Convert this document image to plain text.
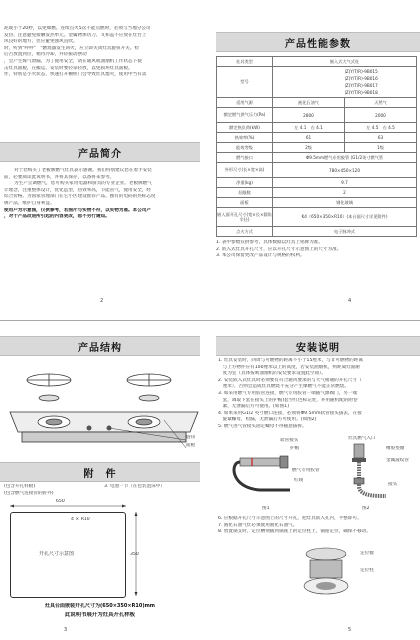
泥或小于20秒，以免爆燃。连续点火5次不能点燃时，必须与当地分公司
发热。注意避免接触发热单元。金属物体切刀、叉和盖不应放在灶台上
风良好的地方，但应避免强风直吹。
时，听到"呼呼"　"燃烧器发生回火，应立即关闭灶具旋钮开关。检
后否放置到位，稍待冷却，并轻振动摆动
，会产生煤气泄漏，为了使用安全，请在通风或油烟机工作状态下使
击灶具面板，在搬运、安装时要轻拿轻放，以免损坏灶具面板。
作，特别是小火状态，快速打开橱柜门会导致灶具熄火，使用中当有需
产品简介
对于您购买了老板牌燃气灶具表示感谢。我们特别建议您在着手安装
前，必要阅读此说明书，并将其保存，以备将来参考。
为生产烹调燃气，您可购买家用电器和厨具的专业企业。老板牌燃气
计理念，注重整体设计，优化造型，热效率高，节能省气，使用安全，经
综合价格。为国家管理部门在它小区建设推荐产品。独有的电码的热标志度
牌产品，维护自身利益。
使用户为示意图，仅供参考，若图片与实物不符，以实物为准。本公司产
，对于产品改进所引起的内容更改，恕不另行通知。
2
产品性能参数
灶具类型	嵌入式大气式灶	
型号		JZ(Y/T/R)-9B015
JZ(Y/T/R)-9B016
JZ(Y/T/R)-9B017
JZ(Y/T/R)-9B018

适用气源	液化石油气	天然气
额定燃气供气压力(Pa)	2800	2000
额定热负荷(kW)	左 4.1　右 4.1	左 4.5　右 4.5
热效率(%)	61	63
能效等级	2级	1级
燃气接口	Φ9.5mm燃气专用胶管 (G1/2英寸燃气管	
外形尺寸(长×宽×高)	780×450×120	
净重(kg)	9.7	
灶眼数	2	
面板	钢化玻璃	
嵌入面开孔尺寸(宽×长×圆角半径)	K4（650×350×R10）(本台面尺寸详见附件)	
点火方式	电子脉冲式	
1. 表中参数仅供参考，具体数据以灶具上铭牌为准。
2. 嵌入式灶具开孔尺寸，应以开孔尺寸示意图上的尺寸为准。
3. 本公司保留更改产品设计与规格的权利。
4
产品结构
旋钮
面板
附　件
(包含开孔样板)
(包含燃气连接管的卧外)
3. 电池一节（在包装泡沫中）
650
4 × R10
开孔尺寸示意图	350
灶具台面嵌装开孔尺寸为(650×350×R10)mm
此说明书展开为灶具开孔样板
3
安装说明
1. 灶具安装时，四周与可燃物的距离不小于15厘米，与非可燃物的距离
　与上方物件应有100厘米以上的高度，若安装油烟机，则距离灶面耐
　度为宜（具体按吸油烟机的安装要求设置此空间）。
2. 安装嵌入式灶具时必须要有符合通风要求的与大气相通的开孔尺寸（
　厘米），否则会造成灶具燃烧不充分产生爆燃气不能正常燃烧。
3. 如采用燃气专用胶管连接，燃气专用胶管一端插气源阀门，另一端
　套，调取下套在接头上的护帽)套至红色标记处，并用随机配的附卷
　紧，无泄漏后方可使用。[如图1]
4. 如果采用G1/2 英寸燃口连接，必须将Φ9.5mm软管接头拔去，在接
　旋紧螺母，检漏，无泄漏后方可使用。[如图2]
5. 燃气进气管接头固定螺母不得随意拔拆。
软管接头
护帽
燃气专用胶管
红线
图1
灶具燃气入口
橡胶垫圈
金属波纹管
接头
图2
6. 应根据开孔尺寸示意图上的尺寸开孔，把灶具嵌入孔内，平整即可。
7. 液化石油气灶必须使用液化石油气。
8. 放置锅支时，定位槽须插到锅座上的定位柱上，锅座定位，确保不移动。
定位楔
定位柱
5
